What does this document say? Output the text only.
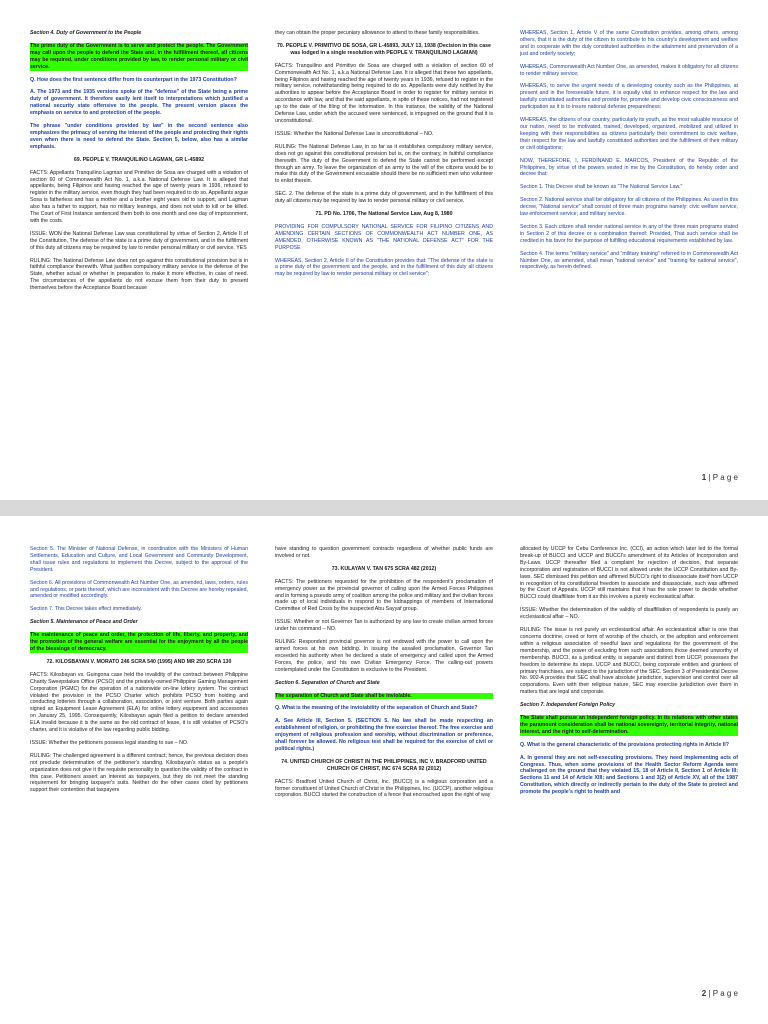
Section 4. Duty of Government to the People

The prime duty of the Government is to serve and protect the people. The Government may call upon the people to defend the State and, in the fulfillment thereof, all citizens may be required, under conditions provided by law, to render personal military or civil service.

Q. How does the first sentence differ from its counterpart in the 1973 Constitution?

A. The 1973 and the 1935 versions spoke of the "defense" of the State being a prime duty of government. It therefore easily lent itself to interpretations which justified a national security state offensive to the people. The present version places the emphasis on service to and protection of the people.

The phrase "under conditions provided by law" in the second sentence also emphasizes the primacy of serving the interest of the people and protecting their rights even when there is need to defend the State. Section 5, below, also has a similar emphasis.

69. PEOPLE V. TRANQUILINO LAGMAN, GR L-45892

FACTS: Appellants Tranquilino Lagman and Primitivo de Sosa are charged with a violation of section 60 of Commonwealth Act No. 1, a.k.a. National Defense Law. It is alleged that appellants, being Filipinos and having reached the age of twenty years in 1936, refused to register in the military service, even though they had been required to do so. Appellants argue Sosa is fatherless and has a mother and a brother eight years old to support, and Lagman also has a father to support, has no military leanings, and does not wish to kill or be killed. The Court of First Instance sentenced them both to one month and one day of imprisonment, with the costs.

ISSUE: WON the National Defense Law was constitutional by virtue of Section 2, Article II of the Constitution, The defense of the state is a prime duty of government, and in the fulfillment of this duty all citizens may be required by law to render personal military or civil service. YES

RULING: The National Defense Law does not go against this constitutional provision but is in faithful compliance therewith. What justifies compulsory military service is the defense of the State, whether actual or whether in preparation to make it more effective, in case of need. The circumstances of the appellants do not excuse them from their duty to present themselves before the Acceptance Board because

they can obtain the proper pecuniary allowance to attend to these family responsibilities.

70. PEOPLE V. PRIMITIVO DE SOSA, GR L-45893, JULY 13, 1938 (Decision in this case was lodged in a single resolution with PEOPLE V. TRANQUILINO LAGMAN)

FACTS: Tranquilino and Primitivo de Sosa are charged with a violation of section 60 of Commonwealth Act No. 1, a.k.a National Defense Law. It is alleged that these two appellants, being Filipinos and having reached the age of twenty years in 1936, refused to register in the military service, notwithstanding being required to do so. Appellants were duly notified by the authorities to appear before the Acceptance Board in order to register for military service in accordance with law, and that the said appellants, in spite of these notices, had not registered up to the date of the filing of the information. In this instance, the validity of the National Defense Law, under which the accused were sentenced, is impugned on the ground that it is unconstitutional.

ISSUE: Whether the National Defense Law is unconstitutional – NO.

RULING: The National Defense Law, in so far as it establishes compulsory military service, does not go against this constitutional provision but is, on the contrary, in faithful compliance therewith. The duty of the Government to defend the State cannot be performed except through an army. To leave the organization of an army to the will of the citizens would be to make this duty of the Government excusable should there be no sufficient men who volunteer to enlist therein.

SEC. 2. The defense of the state is a prime duty of government, and in the fulfillment of this duty all citizens may be required by law to render personal military or civil service.

71. PD No. 1706, The National Service Law, Aug 8, 1980

PROVIDING FOR COMPULSORY NATIONAL SERVICE FOR FILIPINO CITIZENS AND AMENDING CERTAIN SECTIONS OF COMMONWEALTH ACT NUMBER ONE, AS AMENDED, OTHERWISE KNOWN AS "THE NATIONAL DEFENSE ACT" FOR THE PURPOSE

WHEREAS, Section 2, Article II of the Constitution provides that: "The defense of the state is a prime duty of the government and the people, and in the fulfillment of this duty all citizens may be required by law to render personal military or civil service";

WHEREAS, Section 1, Article V of the same Constitution provides, among others, among others, that it is the duty of the citizen to contribute to his country's development and welfare and to cooperate with the duly constituted authorities in the attainment and preservation of a just and orderly society;

WHEREAS, Commonwealth Act Number One, as amended, makes it obligatory for all citizens to render military service;

WHEREAS, to serve the urgent needs of a developing country such as the Philippines, at present and in the foreseeable future, it is equally vital to enhance respect for the law and lawfully constituted authorities and provide for, promote and develop civic consciousness and participation as it is to insure national defense preparedness;

WHEREAS, the citizens of our country, particularly its youth, as the most valuable resource of our nation, need to be motivated, trained, developed, organized, mobilized and utilized in keeping with their responsibilities as citizens particularly their commitment to civic welfare, their respect for the law and lawfully constituted authorities and the fulfillment of their military or civil obligations;

NOW, THEREFORE, I, FERDINAND E. MARCOS, President of the Republic of the Philippines, by virtue of the powers vested in me by the Constitution, do hereby order and decree that:

Section 1. This Decree shall be known as "The National Service Law."

Section 2. National service shall be obligatory for all citizens of the Philippines. As used in this decree, "National service" shall consist of three main programs namely: civic welfare service, law enforcement service; and military service.

Section 3. Each citizen shall render national service in any of the three main programs stated in Section 2 of this decree or a combination thereof: Provided, That such service shall be credited in his favor for the purpose of fulfilling educational requirements established by law.

Section 4. The terms "military service" and "military training" referred to in Commonwealth Act Number One, as amended, shall mean "national service" and "training for national service", respectively, as herein defined.

1 | P a g e

Section 5. The Minister of National Defense, in coordination with the Ministers of Human Settlements, Education and Culture, and Local Government and Community Development, shall issue rules and regulations to implement this Decree, subject to the approval of the President.

Section 6. All provisions of Commonwealth Act Number One, as amended, laws, orders, rules and regulations, or parts thereof, which are inconsistent with this Decree are hereby repealed, amended or modified accordingly.

Section 7. This Decree takes effect immediately.

Section 5. Maintenance of Peace and Order

The maintenance of peace and order, the protection of life, liberty, and property, and the promotion of the general welfare are essential for the enjoyment by all the people of the blessings of democracy.

72. KILOSBAYAN V. MORATO 246 SCRA 540 (1995) AND MR 250 SCRA 130

FACTS: Kilosbayan vs. Guingona case held the invalidity of the contract between Philippine Charity Sweepstakes Office (PCSO) and the privately-owned Philippine Gaming Management Corporation (PGMC) for the operation of a nationwide on-line lottery system. The contract violated the provision in the PCSO Charter which prohibits PCSO from holding and conducting lotteries through a collaboration, association, or joint venture. Both parties again signed an Equipment Lease Agreement (ELA) for online lottery equipment and accessories on January 25, 1995. Consequently, Kilosbayan again filed a petition to declare amended ELA invalid because it is the same as the old contract of lease, it is still violative of PCSO's charter, and it is violative of the law regarding public bidding.

ISSUE: Whether the petitioners possess legal standing to sue – NO.

RULING: The challenged agreement is a different contract; hence, the previous decision does not preclude determination of the petitioner's standing. Kilosbayan's status as a people's organization does not give it the requisite personality to question the validity of the contract in this case. Petitioners assert an interest as taxpayers, but they do not meet the standing requirement for bringing taxpayer's suits. Neither do the other cases cited by petitioners support their contention that taxpayers

have standing to question government contracts regardless of whether public funds are involved or not.

73. KULAYAN V. TAN 675 SCRA 482 (2012)

FACTS: The petitioners requested for the prohibition of the respondent's proclamation of emergency power as the provincial governor of calling upon the Armed Forces Philippines and in forming a pseudo army of coalition among the police and military and the civilian forces made up of local individuals in respond to the kidnappings of members of International Committee of Red Cross by the suspected Abu Sayyaf group.

ISSUE: Whether or not Governor Tan is authorized by any law to create civilian armed forces under his command – NO.

RULING: Respondent provincial governor is not endowed with the power to call upon the armed forces at his own bidding. In issuing the assailed proclamation, Governor Tan exceeded his authority when he declared a state of emergency and called upon the Armed Forces, the police, and his own Civilian Emergency Force. The calling-out powers contemplated under the Constitution is exclusive to the President.

Section 6. Separation of Church and State

The separation of Church and State shall be inviolable.

Q. What is the meaning of the inviolability of the separation of Church and State?

A. See Article III, Section 5. (SECTION 5. No law shall be made respecting an establishment of religion, or prohibiting the free exercise thereof. The free exercise and enjoyment of religious profession and worship, without discrimination or preference, shall forever be allowed. No religious test shall be required for the exercise of civil or political rights.)

74. UNITED CHURCH OF CHRIST IN THE PHILIPPINES, INC V. BRADFORD UNITED CHURCH OF CHRIST, INC 674 SCRA 92 (2012)

FACTS: Bradford United Church of Christ, Inc. (BUCCI) is a religious corporation and a former constituent of United Church of Christ in the Philippines, Inc. (UCCP), another religious corporation. BUCCI started the construction of a fence that encroached upon the right of way

allocated by UCCP for Cebu Conference Inc. (CCI), an action which later led to the formal break-up of BUCCI and UCCP and BUCCI's amendment of its Articles of Incorporation and By-Laws. UCCP thereafter filed a complaint for rejection of decision, that separate incorporation and registration of BUCCI is not allowed under the UCCP Constitution and By-laws. SEC dismissed this petition and affirmed BUCCI's right to disassociate itself from UCCP in recognition of its constitutional freedom to associate and disassociate, such was affirmed by the Court of Appeals. UCCP still maintains that it has the sole power to decide whether BUCCI could disaffiliate from it as this involves a purely ecclesiastical affair.

ISSUE: Whether the determination of the validity of disaffiliation of respondents is purely an ecclesiastical affair – NO.

RULING: The issue is not purely an ecclesiastical affair. An ecclesiastical affair is one that concerns doctrine, creed or form of worship of the church, or the adoption and enforcement within a religious association of needful laws and regulations for the government of the membership, and the power of excluding from such associations those deemed unworthy of membership. BUCCI, as a juridical entity, is separate and distinct from UCCP, possesses the freedom to determine its steps. UCCP and BUCCI, being corporate entities and grantees of primary franchises, are subject to the jurisdiction of the SEC. Section 3 of Presidential Decree No. 902-A provides that SEC shall have absolute jurisdiction, supervision and control over all corporations. Even with their religious nature, SEC may exercise jurisdiction over them in matters that are legal and corporate.

Section 7. Independent Foreign Policy

The State shall pursue an independent foreign policy. In its relations with other states the paramount consideration shall be national sovereignty, territorial integrity, national interest, and the right to self-determination.

Q. What is the general characteristic of the provisions protecting rights in Article II?

A. In general they are not self-executing provisions. They need implementing acts of Congress. Thus, when some provisions of the Health Sector Reform Agenda were challenged on the ground that they violated 15, 18 of Article II, Section 1 of Article III; Sections 11 and 14 of Article XIII; and Sections 1 and 3(2) of Article XV, all of the 1987 Constitution, which directly or indirectly pertain to the duty of the State to protect and promote the people's right to health and

2 | P a g e
